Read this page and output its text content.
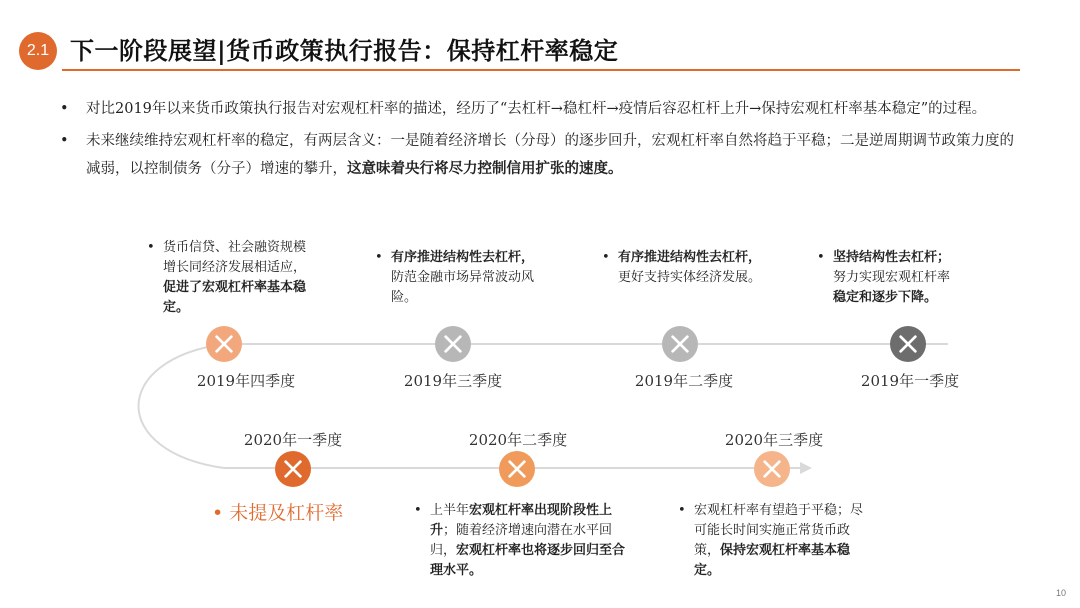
2.1 下一阶段展望|货币政策执行报告：保持杠杆率稳定
• 对比2019年以来货币政策执行报告对宏观杠杆率的描述，经历了“去杠杆→稳杠杆→疫情后容忍杠杆上升→保持宏观杠杆率基本稳定”的过程。
• 未来继续维持宏观杠杆率的稳定，有两层含义：一是随着经济增长（分母）的逐步回升，宏观杠杆率自然将趋于平稳；二是逆周期调节政策力度的减弱，以控制债务（分子）增速的攀升，这意味着央行将尽力控制信用扩张的速度。
2019年四季度	2019年三季度	2019年二季度	2019年一季度
• 货币信贷、社会融资规模增长同经济发展相适应，促进了宏观杠杆率基本稳定。
• 有序推进结构性去杠杆，防范金融市场异常波动风险。
• 有序推进结构性去杠杆，更好支持实体经济发展。
• 坚持结构性去杠杆；
努力实现宏观杠杆率
稳定和逐步下降。
2020年一季度	2020年二季度	2020年三季度
• 未提及杠杆率	• 上半年宏观杠杆率出现阶段性上升；随着经济增速向潜在水平回归，宏观杠杆率也将逐步回归至合理水平。
• 宏观杠杆率有望趋于平稳；尽可能长时间实施正常货币政策，保持宏观杠杆率基本稳定。
10
